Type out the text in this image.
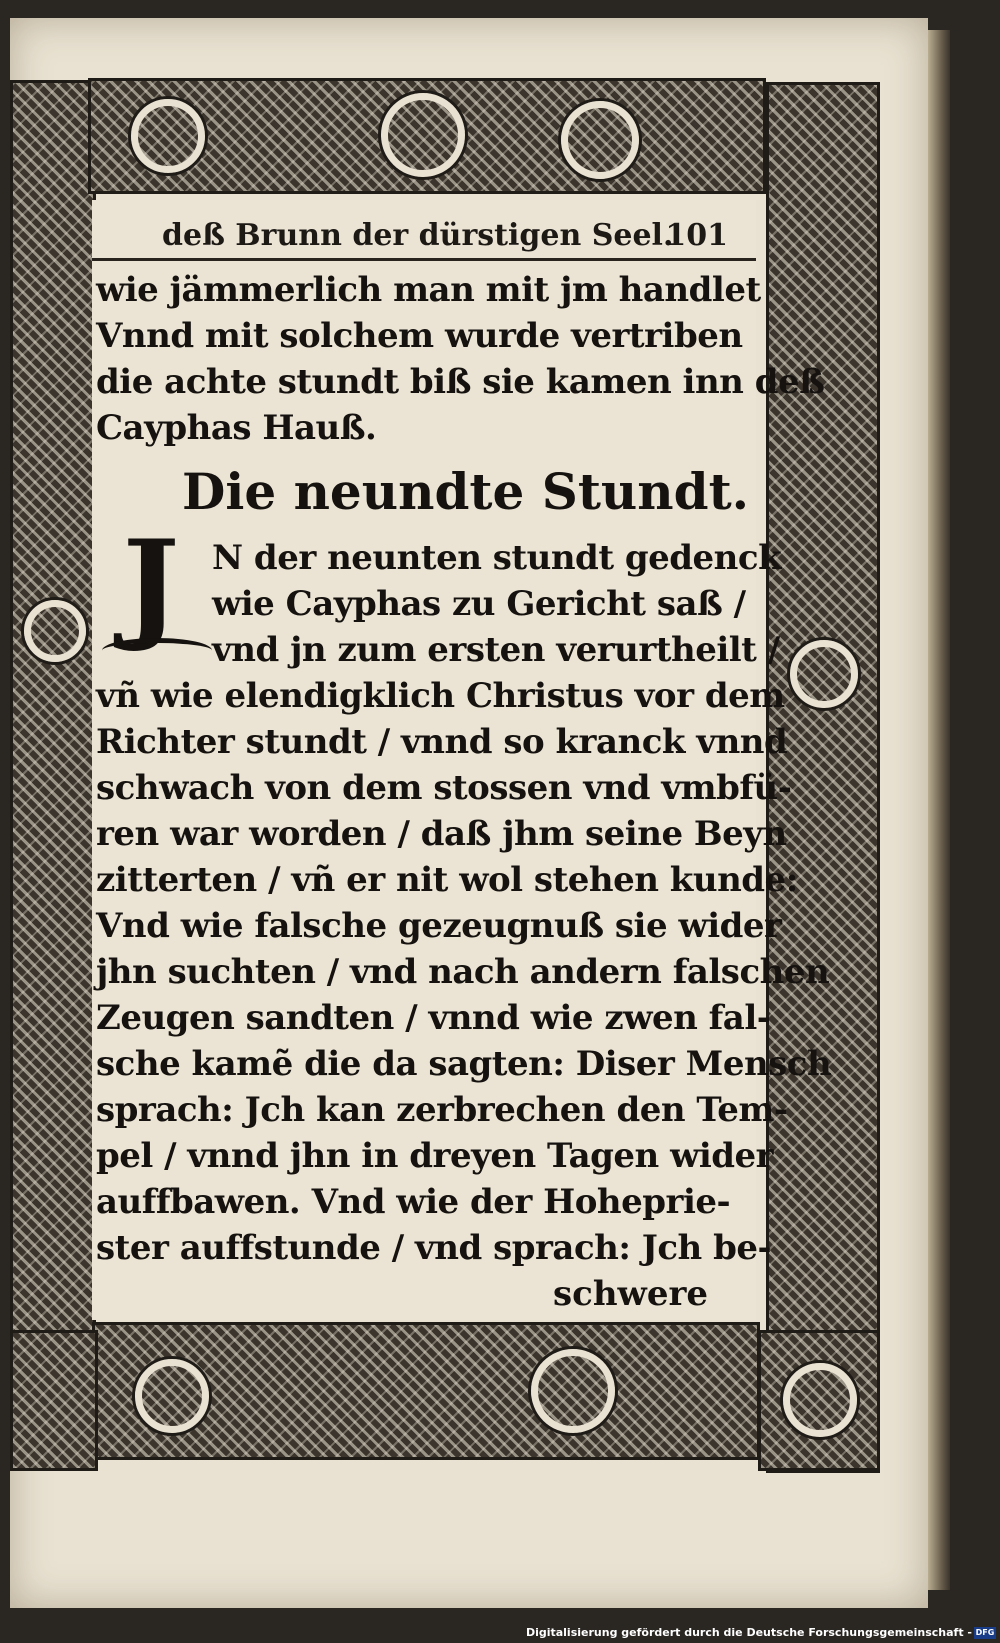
deß Brunn der dürstigen Seel.
101
wie jämmerlich man mit jm handlet
Vnnd mit solchem wurde vertriben
die achte stundt biß sie kamen inn deß
Cayphas Hauß.
Die neundte Stundt.
J N der neunten stundt gedenck
wie Cayphas zu Gericht saß /
vnd jn zum ersten verurtheilt /
vñ wie elendigklich Christus vor dem
Richter stundt / vnnd so kranck vnnd
schwach von dem stossen vnd vmbfü-
ren war worden / daß jhm seine Beyn
zitterten / vñ er nit wol stehen kunde:
Vnd wie falsche gezeugnuß sie wider
jhn suchten / vnd nach andern falschen
Zeugen sandten / vnnd wie zwen fal-
sche kamẽ die da sagten: Diser Mensch
sprach: Jch kan zerbrechen den Tem-
pel / vnnd jhn in dreyen Tagen wider
auffbawen. Vnd wie der Hoheprie-
ster auffstunde / vnd sprach: Jch be-
schwere
Digitalisierung gefördert durch die Deutsche Forschungsgemeinschaft - DFG
